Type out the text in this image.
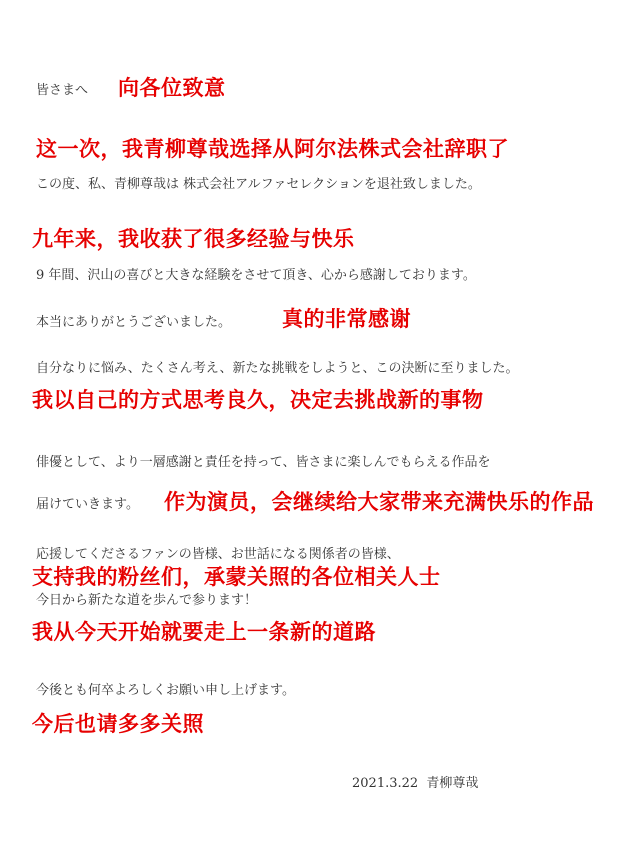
皆さまへ 向各位致意
这一次，我青柳尊哉选择从阿尔法株式会社辞职了
この度、私、青柳尊哉は 株式会社アルファセレクションを退社致しました。
九年来，我收获了很多经验与快乐
9 年間、沢山の喜びと大きな経験をさせて頂き、心から感謝しております。
本当にありがとうございました。 真的非常感谢
自分なりに悩み、たくさん考え、新たな挑戦をしようと、この決断に至りました。
我以自己的方式思考良久，决定去挑战新的事物
俳優として、より一層感謝と責任を持って、皆さまに楽しんでもらえる作品を
届けていきます。 作为演员，会继续给大家带来充满快乐的作品
応援してくださるファンの皆様、お世話になる関係者の皆様、
支持我的粉丝们，承蒙关照的各位相关人士
今日から新たな道を歩んで参ります！
我从今天开始就要走上一条新的道路
今後とも何卒よろしくお願い申し上げます。
今后也请多多关照
2021.3.22  青柳尊哉
